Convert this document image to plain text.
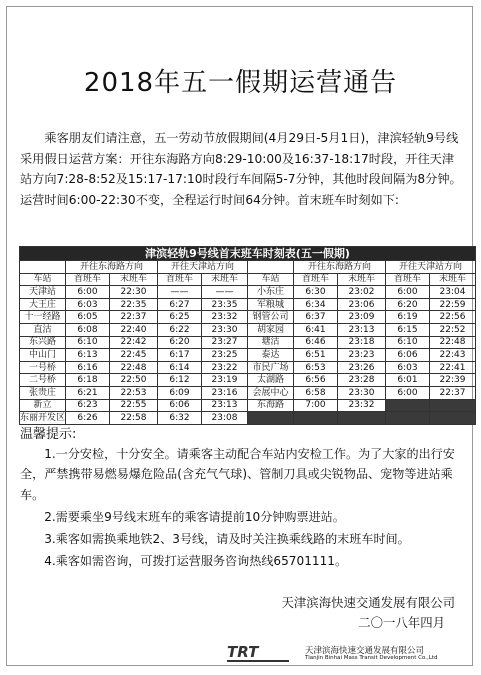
2018年五一假期运营通告

乘客朋友们请注意，五一劳动节放假期间(4月29日-5月1日)，津滨轻轨9号线采用假日运营方案：开往东海路方向8:29-10:00及16:37-18:17时段，开往天津站方向7:28-8:52及15:17-17:10时段行车间隔5-7分钟，其他时段间隔为8分钟。运营时间6:00-22:30不变，全程运行时间64分钟。首末班车时刻如下:

津滨轻轨9号线首末班车时刻表(五一假期)									
	开往东海路方向		开往天津站方向			开往东海路方向		开往天津站方向	
车站	首班车	末班车	首班车	末班车	车站	首班车	末班车	首班车	末班车
天津站	6:00	22:30	——	——	小东庄	6:30	23:02	6:00	23:04
大王庄	6:03	22:35	6:27	23:35	军粮城	6:34	23:06	6:20	22:59
十一经路	6:05	22:37	6:25	23:32	钢管公司	6:37	23:09	6:19	22:56
直沽	6:08	22:40	6:22	23:30	胡家园	6:41	23:13	6:15	22:52
东兴路	6:10	22:42	6:20	23:27	塘沽	6:46	23:18	6:10	22:48
中山门	6:13	22:45	6:17	23:25	泰达	6:51	23:23	6:06	22:43
一号桥	6:16	22:48	6:14	23:22	市民广场	6:53	23:26	6:03	22:41
二号桥	6:18	22:50	6:12	23:19	太湖路	6:56	23:28	6:01	22:39
张贵庄	6:21	22:53	6:09	23:16	会展中心	6:58	23:30	6:00	22:37
新立	6:23	22:55	6:06	23:13	东海路	7:00	23:32		
东丽开发区	6:26	22:58	6:32	23:08					
温馨提示:

1.一分安检，十分安全。请乘客主动配合车站内安检工作。为了大家的出行安全，严禁携带易燃易爆危险品(含充气气球)、管制刀具或尖锐物品、宠物等进站乘车。

2.需要乘坐9号线末班车的乘客请提前10分钟购票进站。

3.乘客如需换乘地铁2、3号线，请及时关注换乘线路的末班车时间。

4.乘客如需咨询，可拨打运营服务咨询热线65701111。

天津滨海快速交通发展有限公司
二〇一八年四月
TRT	天津滨海快速交通发展有限公司
Tianjin Binhai Mass Transit Development Co.,Ltd
